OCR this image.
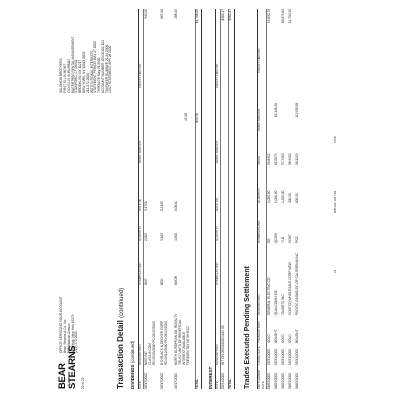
BEAR
STEARNS 22 of 23
OFFICE SERVICING YOUR ACCOUNT Bear, Stearns & Co. Inc. 383 Madison Avenue New York, New York 10179 (212) 272-2000
SALOMON BROTHERS FIRST ELLIS MGMT C/O ELLIS SUBURBAN WATERTREE RENTAL MANAGEMENT STAMFORD, CT 06901 BROOKLYN, NY 11217 NEW YORK, NY 10013-2803 212-272-2000 INSTITUTIONAL INTERESTS STATEMENT PERIOD MAY 27 2000
THROUGH May 31 2000 ACCOUNT NUMBER 103-00102-104
TAXPAYER NUMBER 21-94-0308
LAST STATEMENT APR 28 2000
Transaction Detail (continued)
DIVIDENDS (continued)
DATE
DESCRIPTION
SYMBOL/CUSIP
QUANTITY
RATE (¢)
DEBIT AMOUNT
CREDIT AMOUNT
05/17/2000
NIKE INC CLASS B COM RD 05/09/2000 PD 05/17/2000
NKE
2,000
0.1700
340.00
05/17/2000
B O BLACK & DECKER CORP RD 05/12/2000 PD 05/17/2000
BDK
3,100
0.2150
667.00
05/17/2000
NORTH EUROPEAN OIL ROYALTY TRUST UNITS OF BENEFICIAL INTEREST AVAILABLE FOREIGN TAX WITHHELD
NEOR
4,500
0.0641
43.28
288.45
TOTAL
$43.28
$1,708.00
INTEREST DATE
DESCRIPTION
SYMBOL/CUSIP
QUANTITY
RATE (%)
DEBIT AMOUNT
CREDIT AMOUNT
05/31/2000
INT ON 05/03/2000 MAY 00
$362.47
TOTAL
$362.47
Trades Executed Pending Settlement	SETTLEMENT DATE
TRADE DATE
TRANSACTION
DESCRIPTION
SYMBOL/CUSIP
QUANTITY
PRICE
DEBIT AMOUNT
CREDIT AMOUNT
06/05/2000
05/31/2000
SOLD
GENERAL ELECTRIC CO
GE
1,000.00
53.8412
53,830.76
06/05/2000
05/31/2000
BOUGHT
QUALCOMM INC
QCOM
1,000.00
62.0079
65,148.40
06/05/2000
05/31/2000
SOLD
TALBOTS INC
TLB
1,200.00
57.7303
68,873.84
06/05/2000
05/31/2000
SOLD
COSTCO WHOLESALE CORP NEW
COST
400.00
36.9900
14,790.90
06/05/2000
05/31/2000
BOUGHT
PACIFIC GAS&ELEC OF CALIFORNIA INC
PCG
600.00
18.1253
10,935.08
22
B00102-104 103
1658
